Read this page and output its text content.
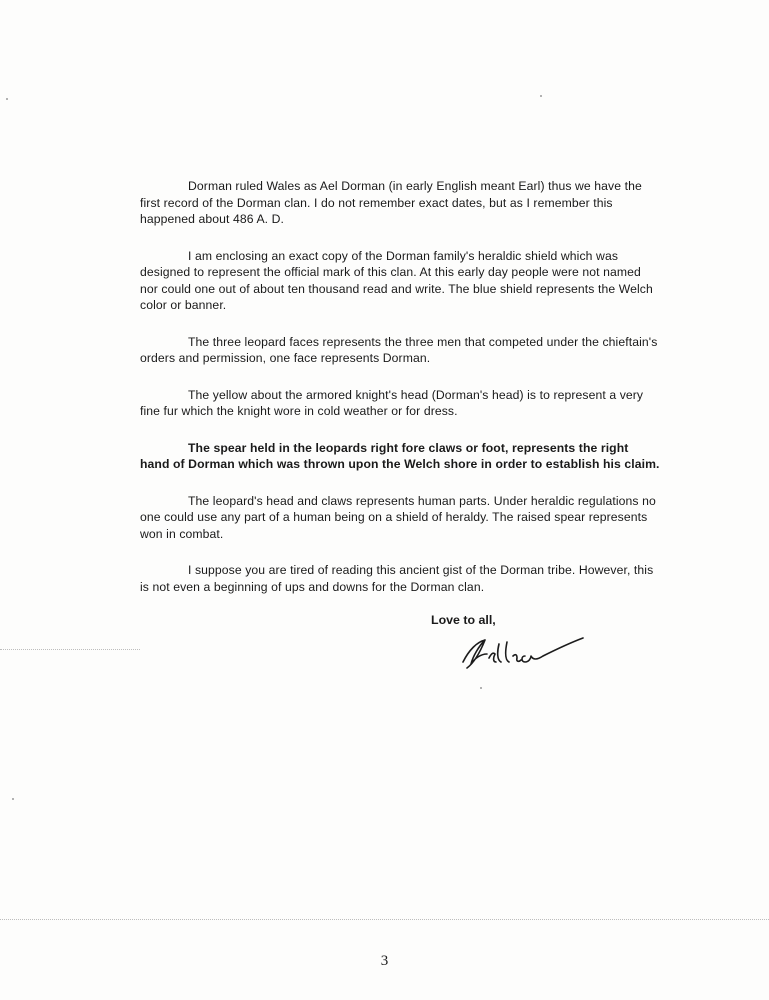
Dorman ruled Wales as Ael Dorman (in early English meant Earl) thus we have the first record of the Dorman clan. I do not remember exact dates, but as I remember this happened about 486 A. D.

I am enclosing an exact copy of the Dorman family's heraldic shield which was designed to represent the official mark of this clan. At this early day people were not named nor could one out of about ten thousand read and write. The blue shield represents the Welch color or banner.

The three leopard faces represents the three men that competed under the chieftain's orders and permission, one face represents Dorman.

The yellow about the armored knight's head (Dorman's head) is to represent a very fine fur which the knight wore in cold weather or for dress.

The spear held in the leopards right fore claws or foot, represents the right hand of Dorman which was thrown upon the Welch shore in order to establish his claim.

The leopard's head and claws represents human parts. Under heraldic regulations no one could use any part of a human being on a shield of heraldy. The raised spear represents won in combat.

I suppose you are tired of reading this ancient gist of the Dorman tribe. However, this is not even a beginning of ups and downs for the Dorman clan.

Love to all,
3
